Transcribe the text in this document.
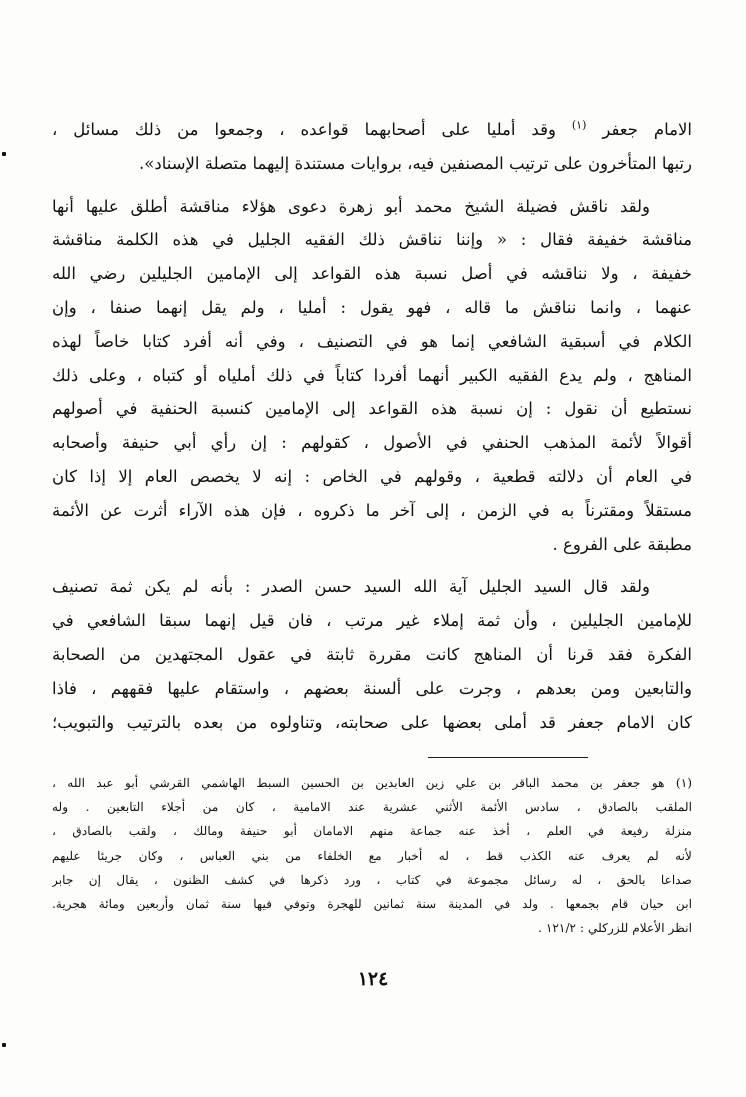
الامام جعفر $^{(١)}$ وقد أمليا على أصحابهما قواعده ، وجمعوا من ذلك مسائل ،
رتبها المتأخرون على ترتيب المصنفين فيه، بروايات مستندة إليهما متصلة الإسناد».

ولقد ناقش فضيلة الشيخ محمد أبو زهرة دعوى هؤلاء مناقشة أطلق عليها أنها
مناقشة خفيفة فقال : « وإننا نناقش ذلك الفقيه الجليل في هذه الكلمة مناقشة
خفيفة ، ولا نناقشه في أصل نسبة هذه القواعد إلى الإمامين الجليلين رضي الله
عنهما ، وانما نناقش ما قاله ، فهو يقول : أمليا ، ولم يقل إنهما صنفا ، وإن
الكلام في أسبقية الشافعي إنما هو في التصنيف ، وفي أنه أفرد كتابا خاصاً لهذه
المناهج ، ولم يدع الفقيه الكبير أنهما أفردا كتاباً في ذلك أملياه أو كتباه ، وعلى ذلك
نستطيع أن نقول : إن نسبة هذه القواعد إلى الإمامين كنسبة الحنفية في أصولهم
أقوالاً لأئمة المذهب الحنفي في الأصول ، كقولهم : إن رأي أبي حنيفة وأصحابه
في العام أن دلالته قطعية ، وقولهم في الخاص : إنه لا يخصص العام إلا إذا كان
مستقلاً ومقترناً به في الزمن ، إلى آخر ما ذكروه ، فإن هذه الآراء أثرت عن الأئمة
مطبقة على الفروع .

ولقد قال السيد الجليل آية الله السيد حسن الصدر : بأنه لم يكن ثمة تصنيف
للإمامين الجليلين ، وأن ثمة إملاء غير مرتب ، فان قيل إنهما سبقا الشافعي في
الفكرة فقد قرنا أن المناهج كانت مقررة ثابتة في عقول المجتهدين من الصحابة
والتابعين ومن بعدهم ، وجرت على ألسنة بعضهم ، واستقام عليها فقههم ، فاذا
كان الامام جعفر قد أملى بعضها على صحابته، وتناولوه من بعده بالترتيب والتبويب؛

(١) هو جعفر بن محمد الباقر بن علي زين العابدين بن الحسين السبط الهاشمي القرشي أبو عبد الله ،
الملقب بالصادق ، سادس الأئمة الأثني عشرية عند الامامية ، كان من أجلاء التابعين . وله
منزلة رفيعة في العلم ، أخذ عنه جماعة منهم الامامان أبو حنيفة ومالك ، ولقب بالصادق ،
لأنه لم يعرف عنه الكذب قط ، له أخبار مع الخلفاء من بني العباس ، وكان جريئا عليهم
صداعا بالحق ، له رسائل مجموعة في كتاب ، ورد ذكرها في كشف الظنون ، يقال إن جابر
ابن حيان قام بجمعها . ولد في المدينة سنة ثمانين للهجرة وتوفي فيها سنة ثمان وأربعين ومائة هجرية.
انظر الأعلام للزركلي : ١٢١/٢ .
١٢٤
